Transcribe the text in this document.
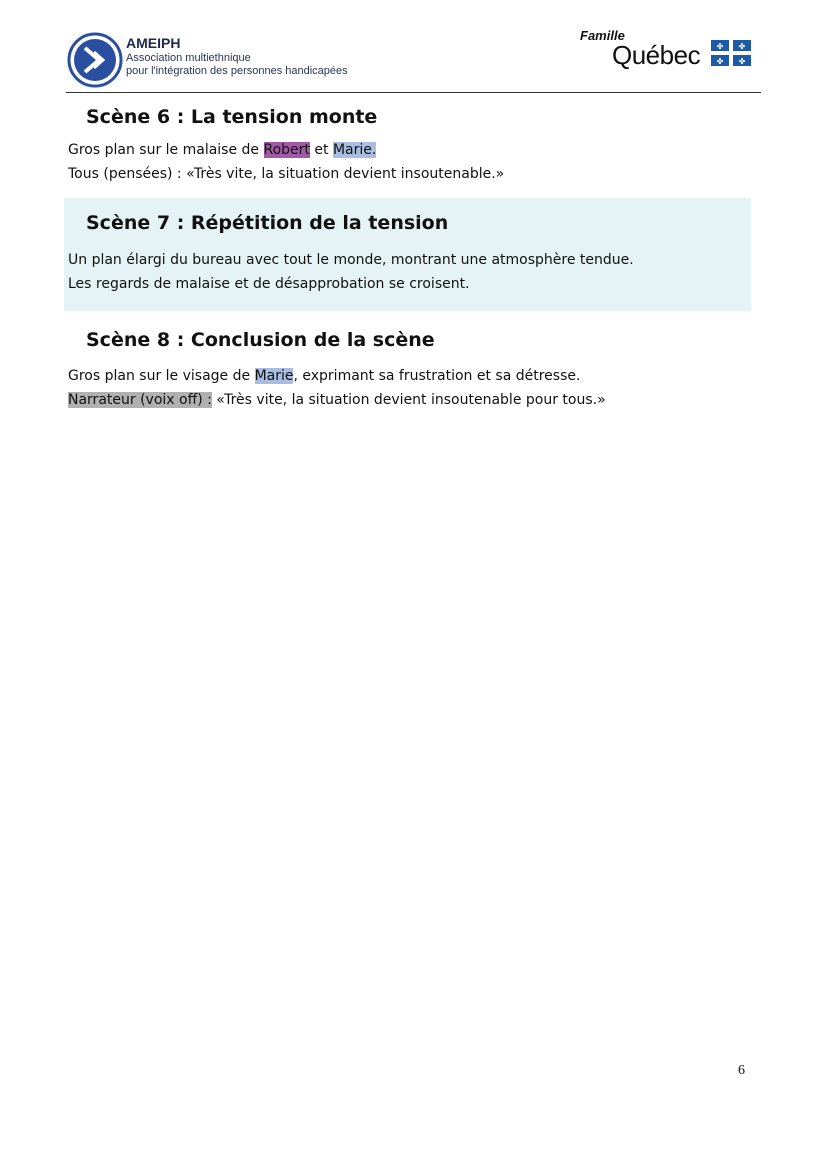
AMEIPH
Association multiethnique
pour l'intégration des personnes handicapées
Famille
Québec ✤ ✤
✤ ✤
Scène 6 : La tension monte
Gros plan sur le malaise de Robert et Marie.
Tous (pensées) : «Très vite, la situation devient insoutenable.»
Scène 7 : Répétition de la tension
Un plan élargi du bureau avec tout le monde, montrant une atmosphère tendue.
Les regards de malaise et de désapprobation se croisent.
Scène 8 : Conclusion de la scène
Gros plan sur le visage de Marie, exprimant sa frustration et sa détresse.
Narrateur (voix off) : «Très vite, la situation devient insoutenable pour tous.»
6
